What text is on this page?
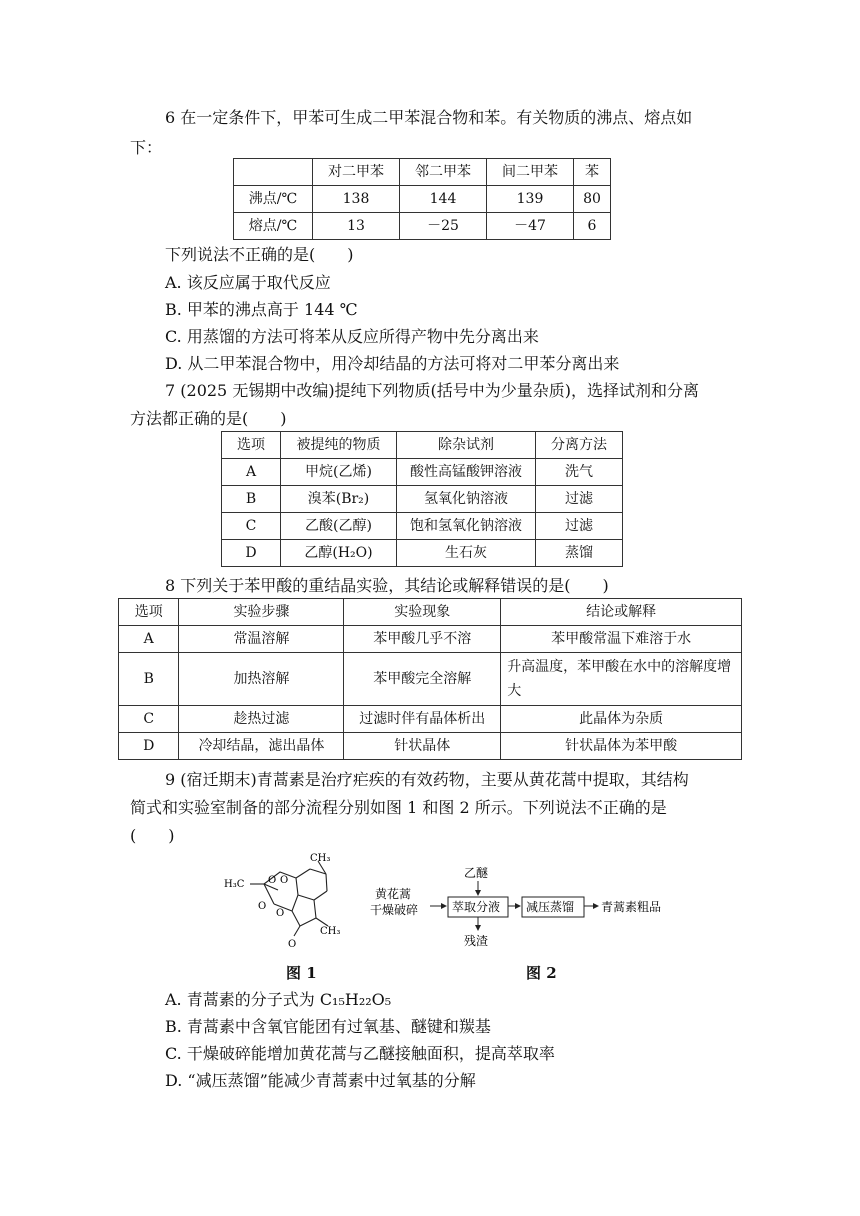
6 在一定条件下，甲苯可生成二甲苯混合物和苯。有关物质的沸点、熔点如
下：
	对二甲苯	邻二甲苯	间二甲苯	苯
沸点/℃	138	144	139	80
熔点/℃	13	－25	－47	6
下列说法不正确的是(　　)
A. 该反应属于取代反应
B. 甲苯的沸点高于 144 ℃
C. 用蒸馏的方法可将苯从反应所得产物中先分离出来
D. 从二甲苯混合物中，用冷却结晶的方法可将对二甲苯分离出来
7 (2025 无锡期中改编)提纯下列物质(括号中为少量杂质)，选择试剂和分离
方法都正确的是(　　)
选项	被提纯的物质	除杂试剂	分离方法
A	甲烷(乙烯)	酸性高锰酸钾溶液	洗气
B	溴苯(Br₂)	氢氧化钠溶液	过滤
C	乙酸(乙醇)	饱和氢氧化钠溶液	过滤
D	乙醇(H₂O)	生石灰	蒸馏
8 下列关于苯甲酸的重结晶实验，其结论或解释错误的是(　　)
选项	实验步骤	实验现象	结论或解释
A	常温溶解	苯甲酸几乎不溶	苯甲酸常温下难溶于水
B	加热溶解	苯甲酸完全溶解	升高温度，苯甲酸在水中的溶解度增大
C	趁热过滤	过滤时伴有晶体析出	此晶体为杂质
D	冷却结晶，滤出晶体	针状晶体	针状晶体为苯甲酸
9 (宿迁期末)青蒿素是治疗疟疾的有效药物，主要从黄花蒿中提取，其结构
简式和实验室制备的部分流程分别如图 1 和图 2 所示。下列说法不正确的是
(　　)
CH₃
H₃C O O
O
O
O
CH₃
黄花蒿
干燥破碎	萃取分液
乙醚
残渣
减压蒸馏 青蒿素粗品
图 1	图 2
A. 青蒿素的分子式为 C₁₅H₂₂O₅
B. 青蒿素中含氧官能团有过氧基、醚键和羰基
C. 干燥破碎能增加黄花蒿与乙醚接触面积，提高萃取率
D. “减压蒸馏”能减少青蒿素中过氧基的分解
